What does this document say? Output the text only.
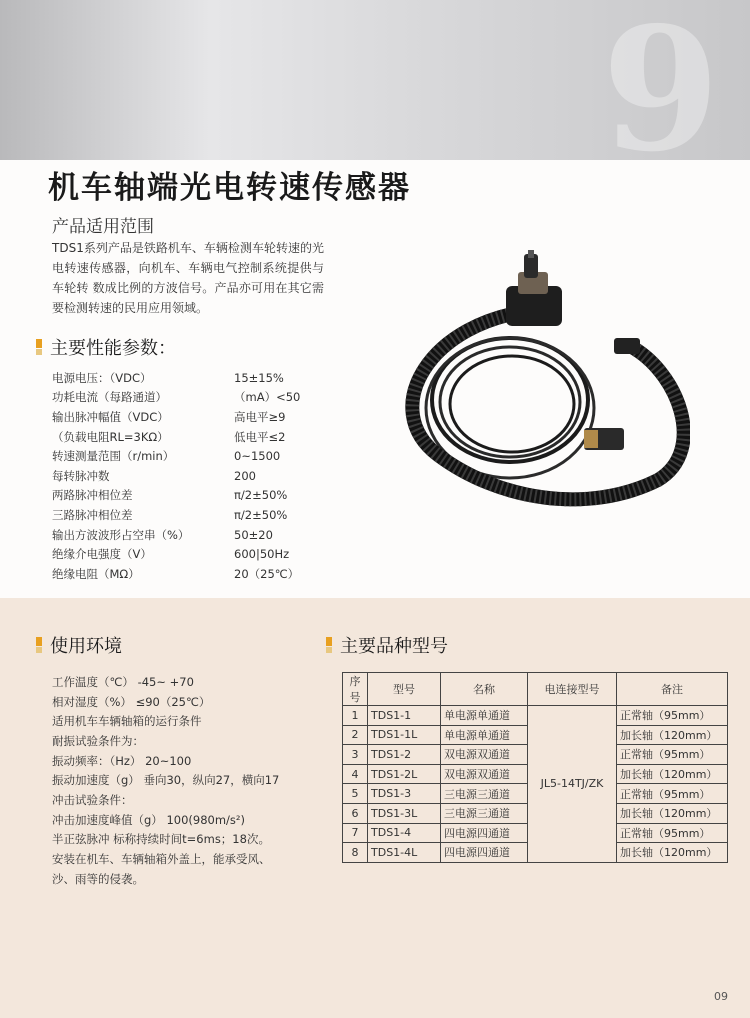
9
机车轴端光电转速传感器
产品适用范围
TDS1系列产品是铁路机车、车辆检测车轮转速的光电转速传感器，向机车、车辆电气控制系统提供与车轮转 数成比例的方波信号。产品亦可用在其它需要检测转速的民用应用领域。
主要性能参数：
电源电压：（VDC）	15±15%
功耗电流（每路通道）	（mA）<50
输出脉冲幅值（VDC）	高电平≥9
（负载电阻RL=3KΩ）	低电平≤2
转速测量范围（r/min）	0~1500
每转脉冲数	200
两路脉冲相位差	π/2±50%
三路脉冲相位差	π/2±50%
输出方波波形占空串（%）	50±20
绝缘介电强度（V）	600|50Hz
绝缘电阻（MΩ）	20（25℃）
使用环境
工作温度（℃） -45~ +70
相对湿度（%） ≤90（25℃）
适用机车车辆轴箱的运行条件
耐振试验条件为：
振动频率：（Hz） 20~100
振动加速度（g） 垂向30，纵向27，横向17
冲击试验条件：
冲击加速度峰值（g） 100(980m/s²)
半正弦脉冲 标称持续时间t=6ms；18次。
安装在机车、车辆轴箱外盖上，能承受风、
沙、雨等的侵袭。
主要品种型号
序号	型号	名称	电连接型号	备注
1	TDS1-1	单电源单通道	JL5-14TJ/ZK	正常轴（95mm）
2	TDS1-1L	单电源单通道		加长轴（120mm）
3	TDS1-2	双电源双通道		正常轴（95mm）
4	TDS1-2L	双电源双通道		加长轴（120mm）
5	TDS1-3	三电源三通道		正常轴（95mm）
6	TDS1-3L	三电源三通道		加长轴（120mm）
7	TDS1-4	四电源四通道		正常轴（95mm）
8	TDS1-4L	四电源四通道		加长轴（120mm）
09
